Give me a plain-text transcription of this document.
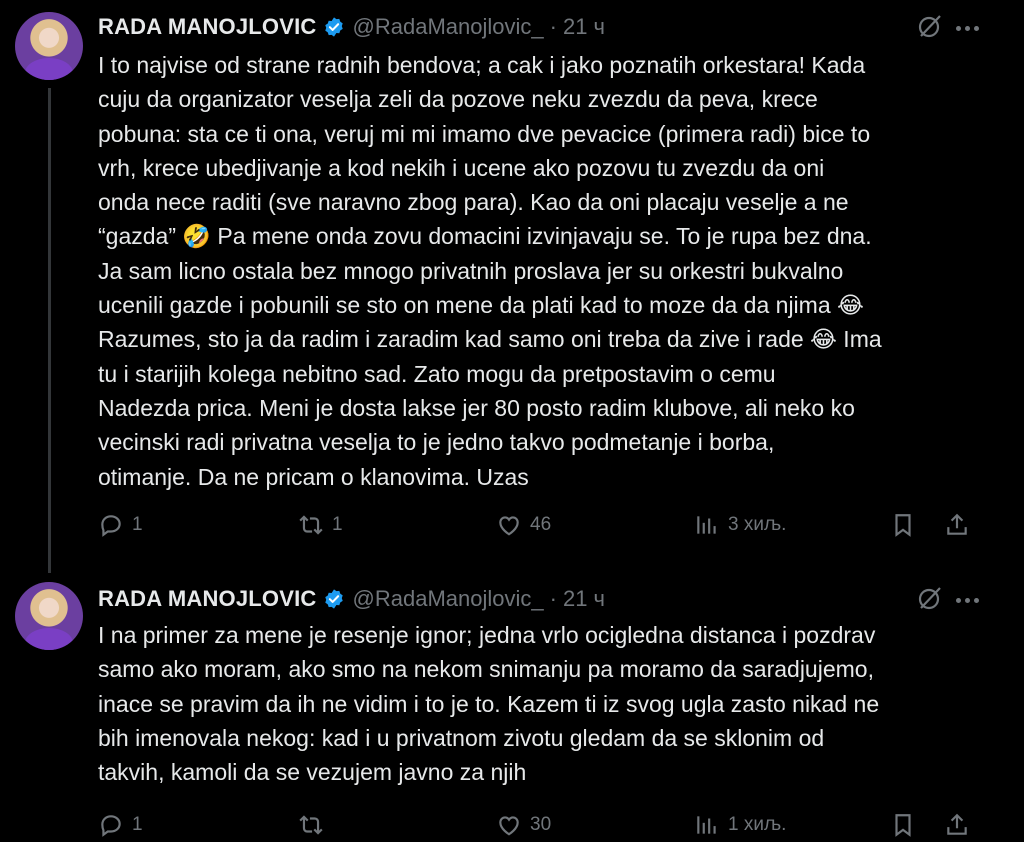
RADA MANOJLOVIC @RadaManojlovic_ · 21 ч
I to najvise od strane radnih bendova; a cak i jako poznatih orkestara! Kada
cuju da organizator veselja zeli da pozove neku zvezdu da peva, krece
pobuna: sta ce ti ona, veruj mi mi imamo dve pevacice (primera radi) bice to
vrh, krece ubedjivanje a kod nekih i ucene ako pozovu tu zvezdu da oni
onda nece raditi (sve naravno zbog para). Kao da oni placaju veselje a ne
“gazda” 🤣 Pa mene onda zovu domacini izvinjavaju se. To je rupa bez dna.
Ja sam licno ostala bez mnogo privatnih proslava jer su orkestri bukvalno
ucenili gazde i pobunili se sto on mene da plati kad to moze da da njima 😂
Razumes, sto ja da radim i zaradim kad samo oni treba da zive i rade 😂 Ima
tu i starijih kolega nebitno sad. Zato mogu da pretpostavim o cemu
Nadezda prica. Meni je dosta lakse jer 80 posto radim klubove, ali neko ko
vecinski radi privatna veselja to je jedno takvo podmetanje i borba,
otimanje. Da ne pricam o klanovima. Uzas
1	1	46	3 хиљ.
RADA MANOJLOVIC @RadaManojlovic_ · 21 ч
I na primer za mene je resenje ignor; jedna vrlo ocigledna distanca i pozdrav
samo ako moram, ako smo na nekom snimanju pa moramo da saradjujemo,
inace se pravim da ih ne vidim i to je to. Kazem ti iz svog ugla zasto nikad ne
bih imenovala nekog: kad i u privatnom zivotu gledam da se sklonim od
takvih, kamoli da se vezujem javno za njih
1	30	1 хиљ.
